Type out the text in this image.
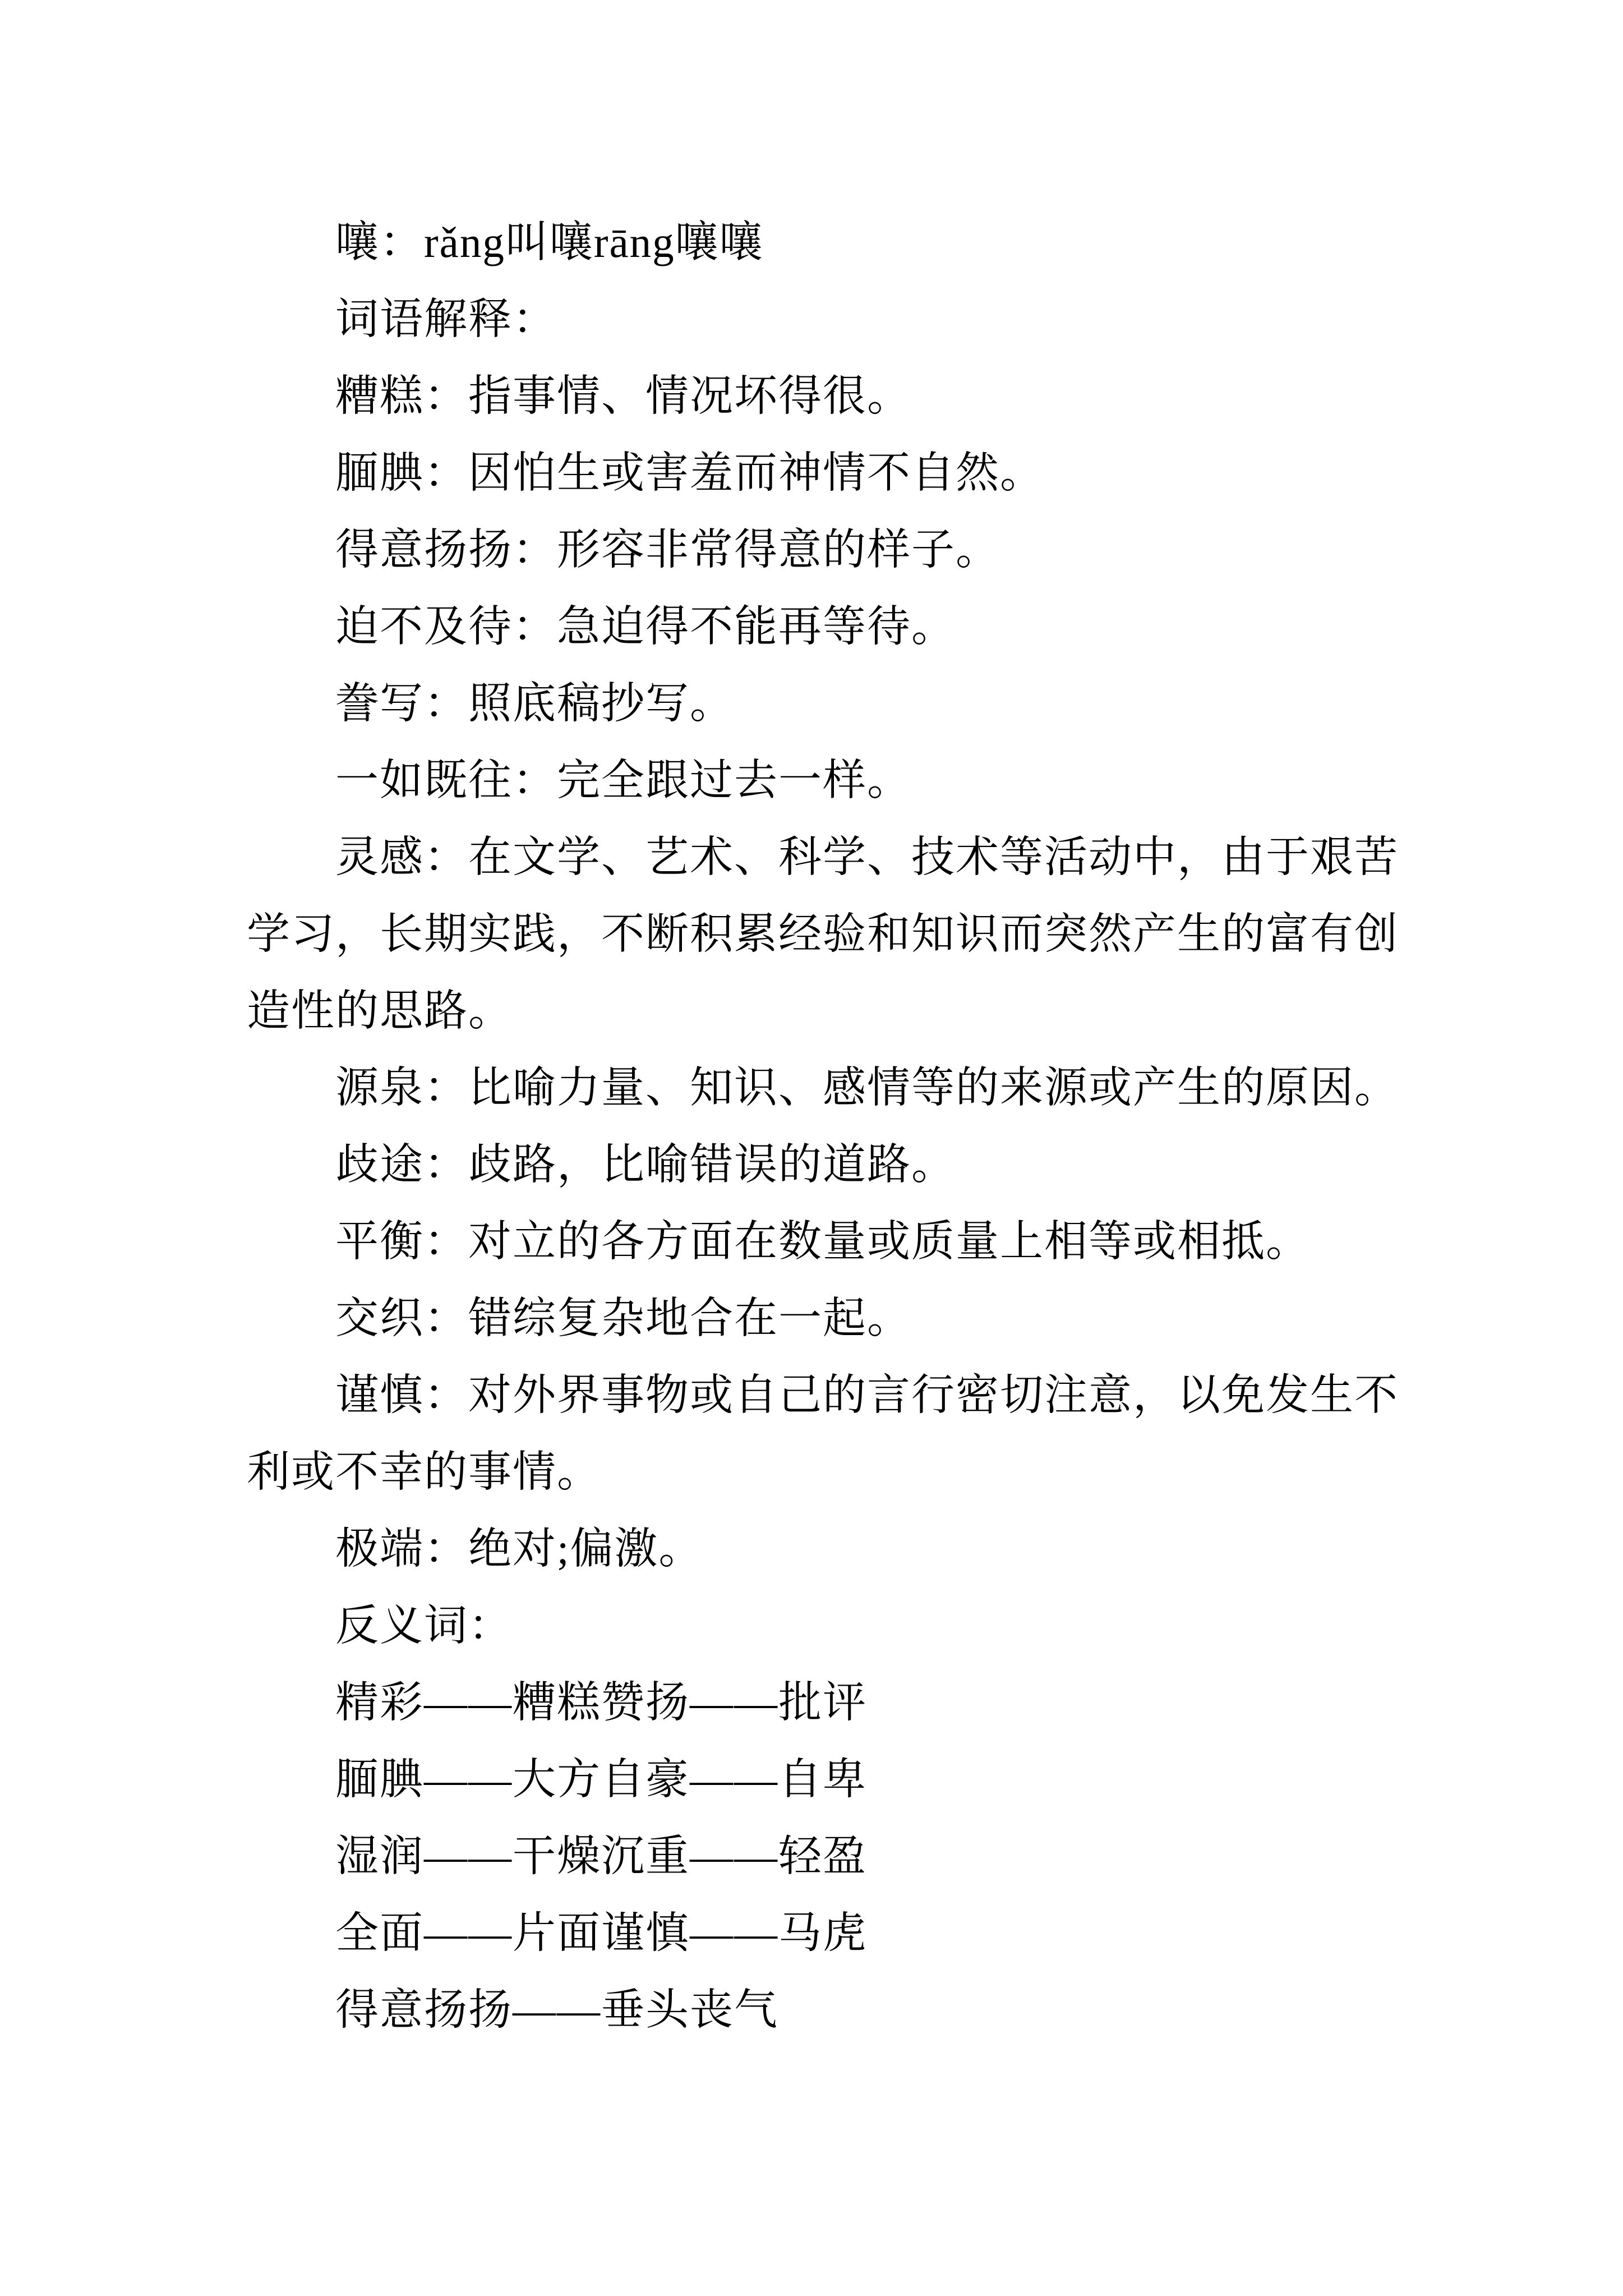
嚷：rǎng叫嚷rāng嚷嚷

词语解释：

糟糕：指事情、情况坏得很。

腼腆：因怕生或害羞而神情不自然。

得意扬扬：形容非常得意的样子。

迫不及待：急迫得不能再等待。

誊写：照底稿抄写。

一如既往：完全跟过去一样。

灵感：在文学、艺术、科学、技术等活动中，由于艰苦
学习，长期实践，不断积累经验和知识而突然产生的富有创
造性的思路。

源泉：比喻力量、知识、感情等的来源或产生的原因。

歧途：歧路，比喻错误的道路。

平衡：对立的各方面在数量或质量上相等或相抵。

交织：错综复杂地合在一起。

谨慎：对外界事物或自己的言行密切注意，以免发生不
利或不幸的事情。

极端：绝对;偏激。

反义词：

精彩——糟糕赞扬——批评

腼腆——大方自豪——自卑

湿润——干燥沉重——轻盈

全面——片面谨慎——马虎

得意扬扬——垂头丧气
